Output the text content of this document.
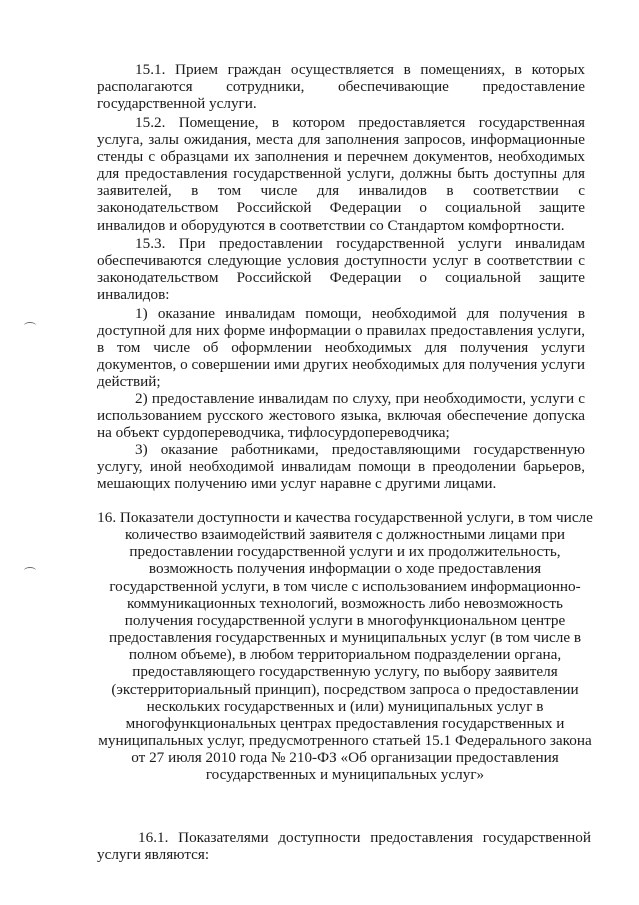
15.1. Прием граждан осуществляется в помещениях, в которых располагаются сотрудники, обеспечивающие предоставление государственной услуги.

15.2. Помещение, в котором предоставляется государственная услуга, залы ожидания, места для заполнения запросов, информационные стенды с образцами их заполнения и перечнем документов, необходимых для предоставления государственной услуги, должны быть доступны для заявителей, в том числе для инвалидов в соответствии с законодательством Российской Федерации о социальной защите инвалидов и оборудуются в соответствии со Стандартом комфортности.

15.3. При предоставлении государственной услуги инвалидам обеспечиваются следующие условия доступности услуг в соответствии с законодательством Российской Федерации о социальной защите инвалидов:

1) оказание инвалидам помощи, необходимой для получения в доступной для них форме информации о правилах предоставления услуги, в том числе об оформлении необходимых для получения услуги документов, о совершении ими других необходимых для получения услуги действий;

2) предоставление инвалидам по слуху, при необходимости, услуги с использованием русского жестового языка, включая обеспечение допуска на объект сурдопереводчика, тифлосурдопереводчика;

3) оказание работниками, предоставляющими государственную услугу, иной необходимой инвалидам помощи в преодолении барьеров, мешающих получению ими услуг наравне с другими лицами.

16. Показатели доступности и качества государственной услуги, в том числе количество взаимодействий заявителя с должностными лицами при предоставлении государственной услуги и их продолжительность, возможность получения информации о ходе предоставления государственной услуги, в том числе с использованием информационно-коммуникационных технологий, возможность либо невозможность получения государственной услуги в многофункциональном центре предоставления государственных и муниципальных услуг (в том числе в полном объеме), в любом территориальном подразделении органа, предоставляющего государственную услугу, по выбору заявителя (экстерриториальный принцип), посредством запроса о предоставлении нескольких государственных и (или) муниципальных услуг в многофункциональных центрах предоставления государственных и муниципальных услуг, предусмотренного статьей 15.1 Федерального закона от 27 июля 2010 года № 210-ФЗ «Об организации предоставления государственных и муниципальных услуг»

16.1. Показателями доступности предоставления государственной услуги являются:
